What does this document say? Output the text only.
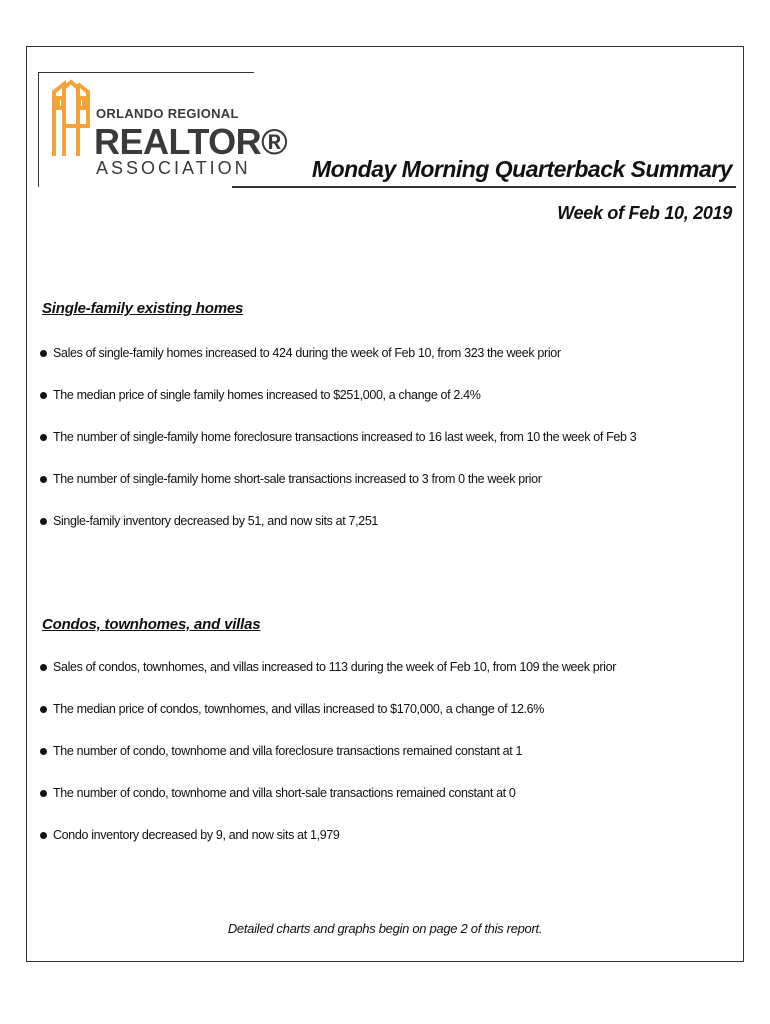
ORLANDO REGIONAL
REALTOR®
ASSOCIATION	Monday Morning Quarterback Summary
Week of Feb 10, 2019
Single-family existing homes
Sales of single-family homes increased to 424 during the week of Feb 10, from 323 the week prior
The median price of single family homes increased to $251,000, a change of 2.4%
The number of single-family home foreclosure transactions increased to 16 last week, from 10 the week of Feb 3
The number of single-family home short-sale transactions increased to 3 from 0 the week prior
Single-family inventory decreased by 51, and now sits at 7,251
Condos, townhomes, and villas
Sales of condos, townhomes, and villas increased to 113 during the week of Feb 10, from 109 the week prior
The median price of condos, townhomes, and villas increased to $170,000, a change of 12.6%
The number of condo, townhome and villa foreclosure transactions remained constant at 1
The number of condo, townhome and villa short-sale transactions remained constant at 0
Condo inventory decreased by 9, and now sits at 1,979
Detailed charts and graphs begin on page 2 of this report.
